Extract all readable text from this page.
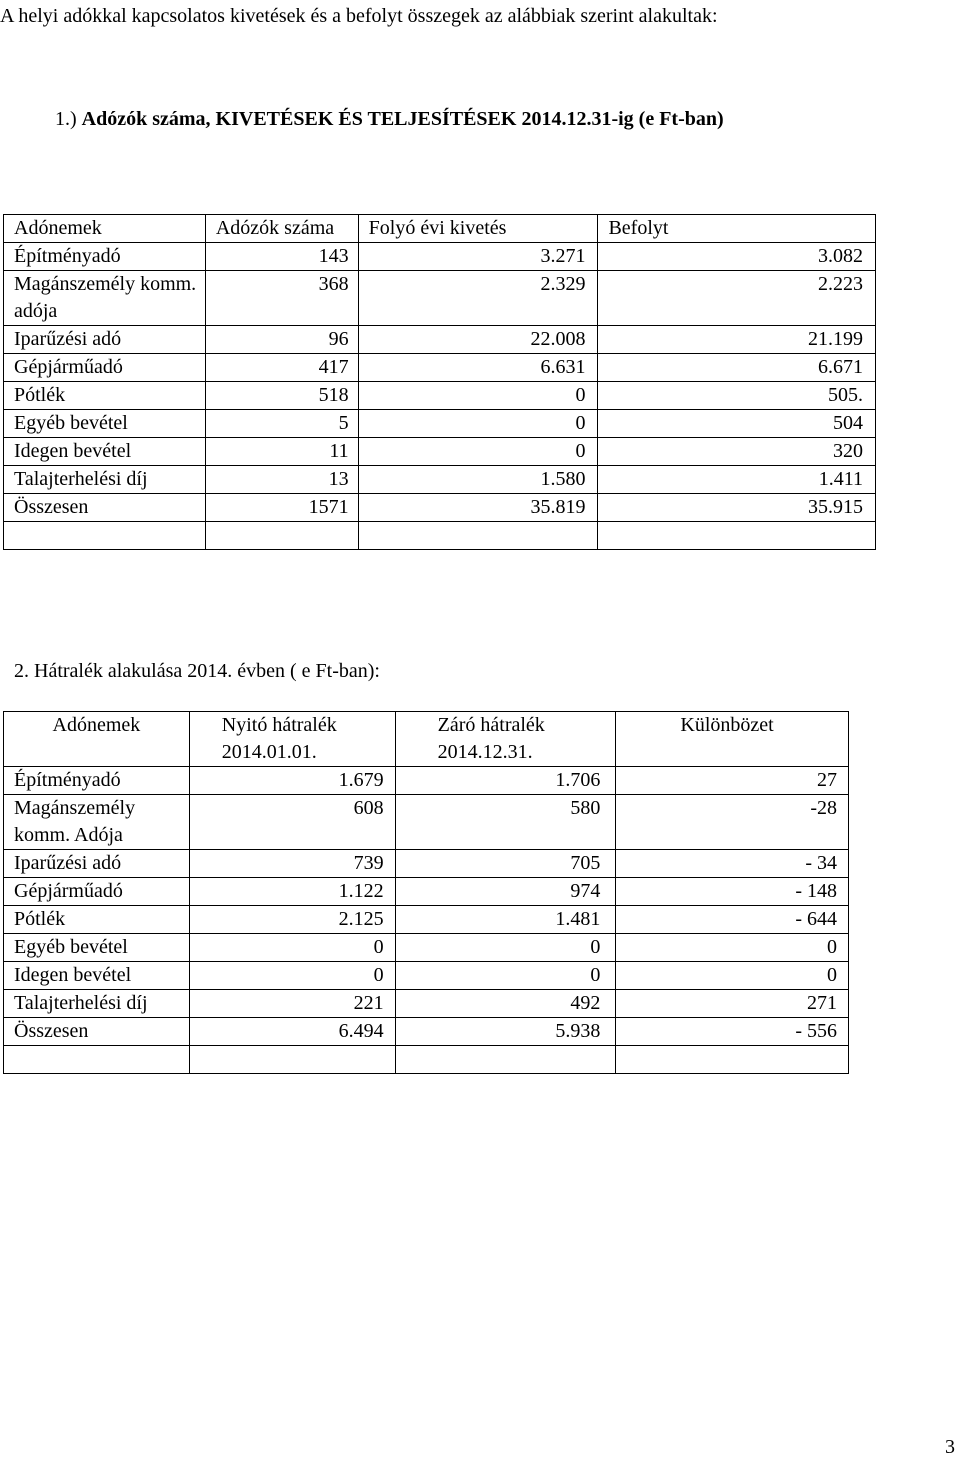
A helyi adókkal kapcsolatos kivetések és a befolyt összegek az alábbiak szerint alakultak:
1.) Adózók száma, KIVETÉSEK ÉS TELJESÍTÉSEK 2014.12.31-ig (e Ft-ban)
Adónemek	Adózók száma	Folyó évi kivetés	Befolyt
Építményadó	143	3.271	3.082
Magánszemély komm. adója	368	2.329	2.223
Iparűzési adó	96	22.008	21.199
Gépjárműadó	417	6.631	6.671
Pótlék	518	0	505.
Egyéb bevétel	5	0	504
Idegen bevétel	11	0	320
Talajterhelési díj	13	1.580	1.411
Összesen	1571	35.819	35.915

2. Hátralék alakulása 2014. évben ( e Ft-ban):
Adónemek	Nyitó hátralék 2014.01.01.	Záró hátralék 2014.12.31.	Különbözet
Építményadó	1.679	1.706	27
Magánszemély komm. Adója	608	580	-28
Iparűzési adó	739	705	- 34
Gépjárműadó	1.122	974	- 148
Pótlék	2.125	1.481	- 644
Egyéb bevétel	0	0	0
Idegen bevétel	0	0	0
Talajterhelési díj	221	492	271
Összesen	6.494	5.938	- 556

3
